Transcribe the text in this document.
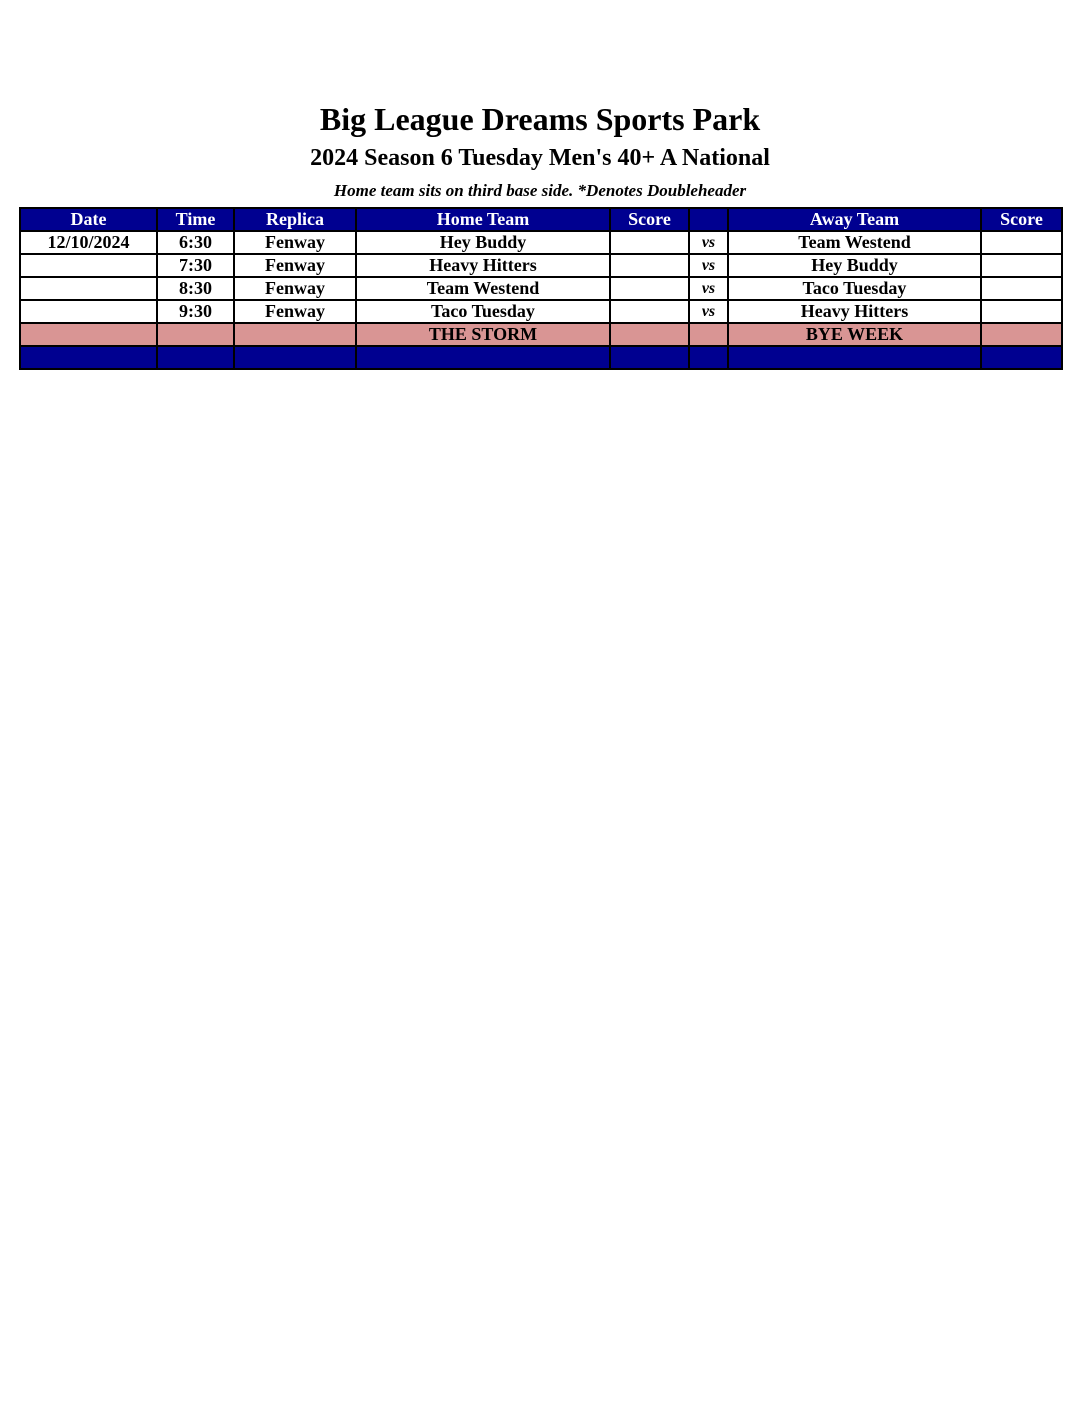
Big League Dreams Sports Park
2024 Season 6 Tuesday Men's 40+ A National
Home team sits on third base side. *Denotes Doubleheader
Date	Time	Replica	Home Team	Score		Away Team	Score
12/10/2024	6:30	Fenway	Hey Buddy		vs	Team Westend	
	7:30	Fenway	Heavy Hitters		vs	Hey Buddy	
	8:30	Fenway	Team Westend		vs	Taco Tuesday	
	9:30	Fenway	Taco Tuesday		vs	Heavy Hitters	
			THE STORM			BYE WEEK	
